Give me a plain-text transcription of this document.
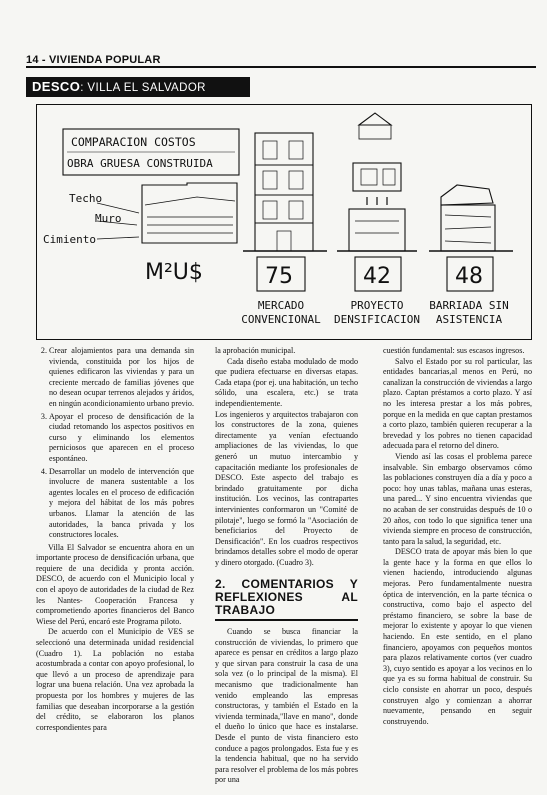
14 - VIVIENDA POPULAR
DESCO: VILLA EL SALVADOR
COMPARACION COSTOS
OBRA GRUESA CONSTRUIDA
Techo
Muro
Cimiento
M²U$	75	42	48
MERCADO
CONVENCIONAL
PROYECTO
DENSIFICACION
BARRIADA SIN
ASISTENCIA
2. Crear alojamientos para una demanda sin vivienda, constituida por los hijos de quienes edificaron las viviendas y para un creciente mercado de familias jóvenes que no desean ocupar terrenos alejados y áridos, en ningún acondicionamiento urbano previo.
3. Apoyar el proceso de densificación de la ciudad retomando los aspectos positivos en curso y eliminando los elementos perniciosos que aparecen en el proceso espontáneo.
4. Desarrollar un modelo de intervención que involucre de manera sustentable a los agentes locales en el proceso de edificación y mejora del hábitat de los más pobres urbanos. Llamar la atención de las autoridades, la banca privada y los constructores locales.

Villa El Salvador se encuentra ahora en un importante proceso de densificación urbana, que requiere de una decidida y pronta acción. DESCO, de acuerdo con el Municipio local y con el apoyo de autoridades de la ciudad de Rez les Nantes- Cooperación Francesa y comprometiendo aportes financieros del Banco Wiese del Perú, encaró este Programa piloto.

De acuerdo con el Municipio de VES se seleccionó una determinada unidad residencial (Cuadro 1). La población no estaba acostumbrada a contar con apoyo profesional, lo que llevó a un proceso de aprendizaje para lograr una buena relación. Una vez aprobada la propuesta por los hombres y mujeres de las familias que deseaban incorporarse a la gestión del crédito, se elaboraron los planos correspondientes para

la aprobación municipal.

Cada diseño estaba modulado de modo que pudiera efectuarse en diversas etapas. Cada etapa (por ej. una habitación, un techo sólido, una escalera, etc.) se trata independientemente.

Los ingenieros y arquitectos trabajaron con los constructores de la zona, quienes directamente ya venían efectuando ampliaciones de las viviendas, lo que generó un mutuo intercambio y capacitación mediante los profesionales de DESCO. Este aspecto del trabajo es brindado gratuitamente por dicha institución. Los vecinos, las contrapartes intervinientes conformaron un "Comité de pilotaje", luego se formó la "Asociación de beneficiarios del Proyecto de Densificación". En los cuadros respectivos brindamos detalles sobre el modo de operar y dinero otorgado. (Cuadro 3).

2. COMENTARIOS Y REFLEXIONES AL TRABAJO

Cuando se busca financiar la construcción de viviendas, lo primero que aparece es pensar en créditos a largo plazo y que sirvan para construir la casa de una sola vez (o lo principal de la misma). El mecanismo que tradicionalmente han venido empleando las empresas constructoras, y también el Estado en la vivienda terminada,"llave en mano", donde el dueño lo único que hace es instalarse. Desde el punto de vista financiero esto conduce a pagos prolongados. Esta fue y es la tendencia habitual, que no ha servido para resolver el problema de los más pobres por una

cuestión fundamental: sus escasos ingresos.

Salvo el Estado por su rol particular, las entidades bancarias,al menos en Perú, no canalizan la construcción de viviendas a largo plazo. Captan préstamos a corto plazo. Y así no les interesa prestar a los más pobres, porque en la medida en que captan prestamos a corto plazo, también quieren recuperar a la brevedad y los pobres no tienen capacidad adecuada para el retorno del dinero.

Viendo así las cosas el problema parece insalvable. Sin embargo observamos cómo las poblaciones construyen día a día y poco a poco: hoy unas tablas, mañana unas esteras, una pared... Y sino encuentra viviendas que no acaban de ser construidas después de 10 o 20 años, con todo lo que significa tener una vivienda siempre en proceso de construcción, tanto para la salud, la seguridad, etc.

DESCO trata de apoyar más bien lo que la gente hace y la forma en que ellos lo vienen haciendo, introduciendo algunas mejoras. Pero fundamentalmente nuestra óptica de intervención, en la parte técnica o constructiva, como bajo el aspecto del préstamo financiero, se sobre la base de mejorar lo existente y apoyar lo que vienen haciendo. En este sentido, en el plano financiero, apoyamos con pequeños montos para plazos relativamente cortos (ver cuadro 3), cuyo sentido es apoyar a los vecinos en lo que ya es su forma habitual de construir. Su ciclo consiste en ahorrar un poco, después construyen algo y comienzan a ahorrar nuevamente, pensando en seguir construyendo.
